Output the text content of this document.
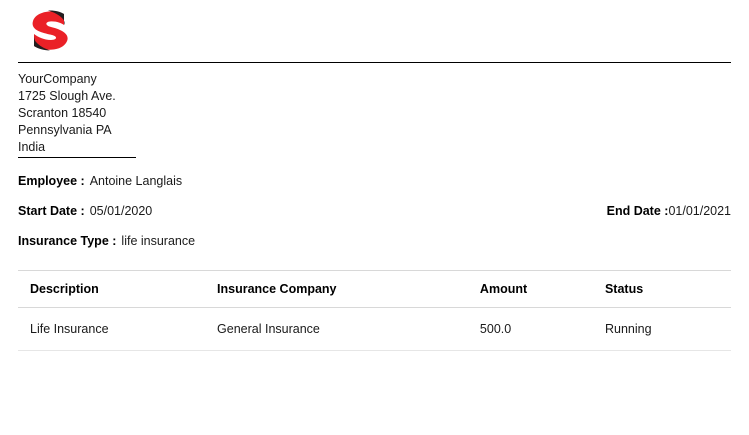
YourCompany
1725 Slough Ave.
Scranton 18540
Pennsylvania PA
India
Employee : Antoine Langlais
Start Date : 05/01/2020	End Date : 01/01/2021
Insurance Type : life insurance
Description	Insurance Company	Amount	Status
Life Insurance	General Insurance	500.0	Running
